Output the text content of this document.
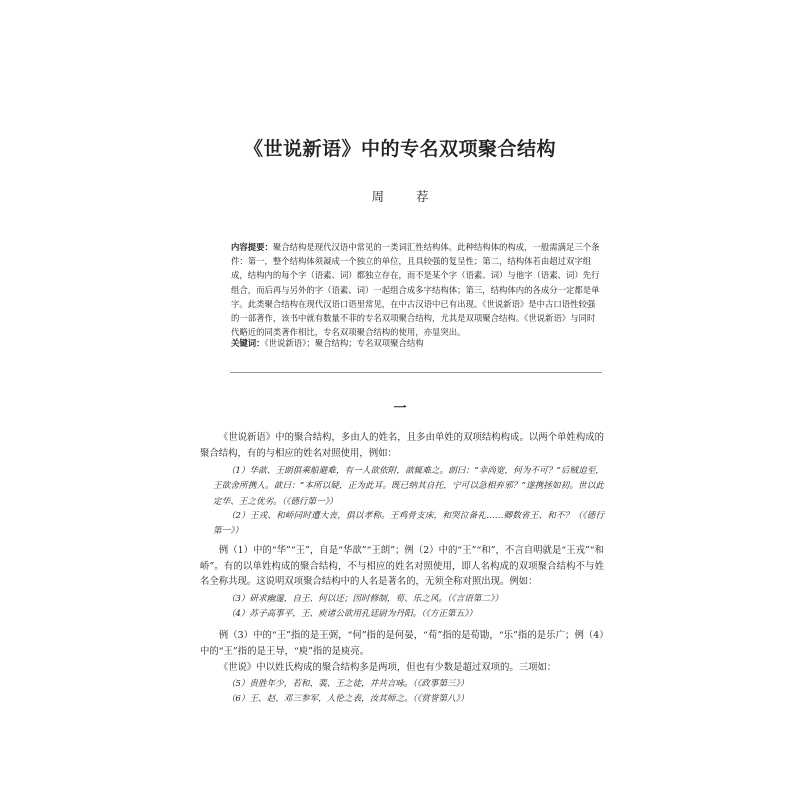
《世说新语》中的专名双项聚合结构
周 荐
内容提要：聚合结构是现代汉语中常见的一类词汇性结构体。此种结构体的构成，一般需满足三个条件：第一，整个结构体须凝成一个独立的单位，且具较强的复呈性；第二，结构体若由超过双字组成，结构内的每个字（语素、词）都独立存在，而不是某个字（语素、词）与他字（语素、词）先行组合，而后再与另外的字（语素、词）一起组合成多字结构体；第三，结构体内的各成分一定都是单字。此类聚合结构在现代汉语口语里常见，在中古汉语中已有出现。《世说新语》是中古口语性较强的一部著作，该书中就有数量不菲的专名双项聚合结构，尤其是双项聚合结构。《世说新语》与同时代略近的同类著作相比，专名双项聚合结构的使用，亦显突出。
关键词：《世说新语》；聚合结构；专名双项聚合结构
一
《世说新语》中的聚合结构，多由人的姓名，且多由单姓的双项结构构成。以两个单姓构成的聚合结构，有的与相应的姓名对照使用，例如：
（1）华歆、王朗俱乘船避难，有一人欲依附，歆辄难之。朗曰：“幸尚宽，何为不可？”后贼追至，王欲舍所携人。歆曰：“本所以疑，正为此耳。既已纳其自托，宁可以急相弃邪？”遂携拯如初。世以此定华、王之优劣。（《德行第一》）
（2）王戎、和峤同时遭大丧，俱以孝称。王鸡骨支床，和哭泣备礼……卿数省王、和不？（《德行第一》）
例（1）中的“华”“王”，自是“华歆”“王朗”；例（2）中的“王”“和”，不言自明就是“王戎”“和峤”。有的以单姓构成的聚合结构，不与相应的姓名对照使用，即人名构成的双项聚合结构不与姓名全称共现。这说明双项聚合结构中的人名是著名的，无须全称对照出现。例如：
（3）研求幽邃，自王、何以还；因时修制，荀、乐之风。（《言语第二》）
（4）苏子高事平，王、庾诸公欲用孔廷尉为丹阳。（《方正第五》）
例（3）中的“王”指的是王弼，“何”指的是何晏，“荀”指的是荀勖，“乐”指的是乐广；例（4）中的“王”指的是王导，“庾”指的是庾亮。
《世说》中以姓氏构成的聚合结构多是两项，但也有少数是超过双项的。三项如：
（5）贵胜年少，若和、裴、王之徒，并共言咏。（《政事第三》）
（6）王、赵、邓三参军，人伦之表，汝其师之。（《赏誉第八》）
